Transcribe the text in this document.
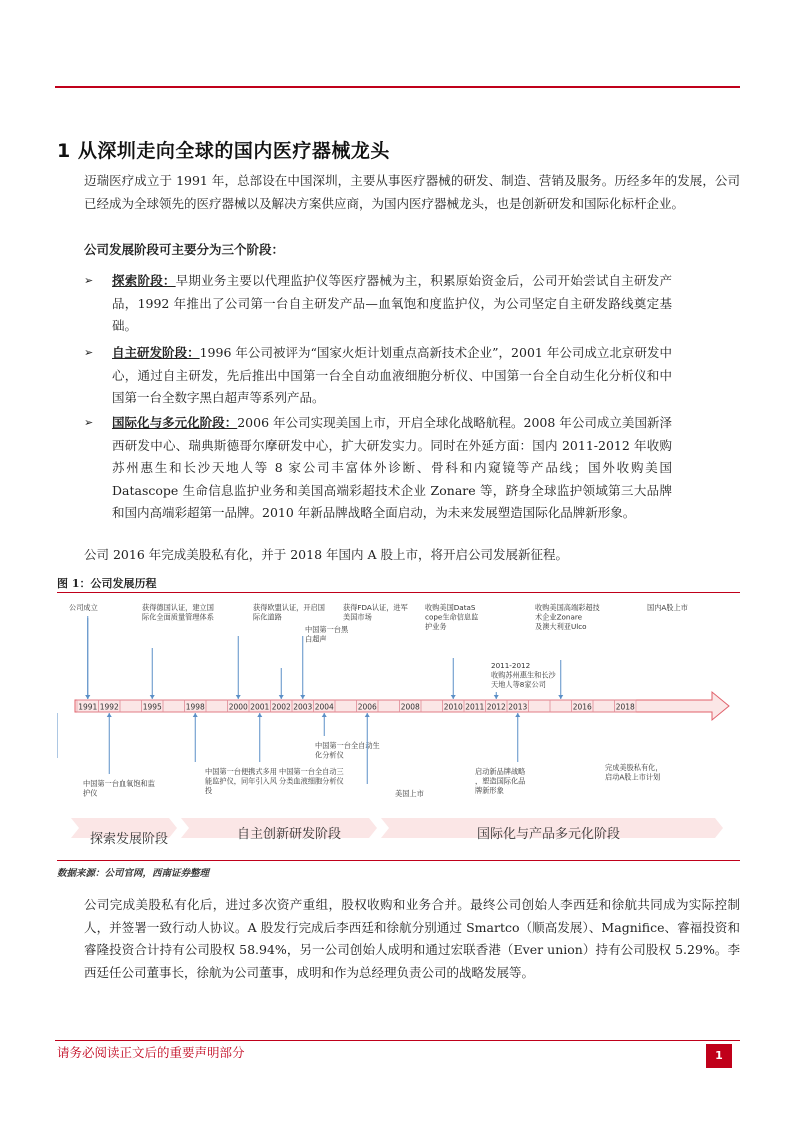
1 从深圳走向全球的国内医疗器械龙头
迈瑞医疗成立于 1991 年，总部设在中国深圳，主要从事医疗器械的研发、制造、营销及服务。历经多年的发展，公司已经成为全球领先的医疗器械以及解决方案供应商，为国内医疗器械龙头，也是创新研发和国际化标杆企业。
公司发展阶段可主要分为三个阶段：
➢	探索阶段：早期业务主要以代理监护仪等医疗器械为主，积累原始资金后，公司开始尝试自主研发产品，1992 年推出了公司第一台自主研发产品—血氧饱和度监护仪，为公司坚定自主研发路线奠定基础。
➢	自主研发阶段：1996 年公司被评为“国家火炬计划重点高新技术企业”，2001 年公司成立北京研发中心，通过自主研发，先后推出中国第一台全自动血液细胞分析仪、中国第一台全自动生化分析仪和中国第一台全数字黑白超声等系列产品。
➢	国际化与多元化阶段：2006 年公司实现美国上市，开启全球化战略航程。2008 年公司成立美国新泽西研发中心、瑞典斯德哥尔摩研发中心，扩大研发实力。同时在外延方面：国内 2011-2012 年收购苏州惠生和长沙天地人等 8 家公司丰富体外诊断、骨科和内窥镜等产品线；国外收购美国 Datascope 生命信息监护业务和美国高端彩超技术企业 Zonare 等，跻身全球监护领域第三大品牌和国内高端彩超第一品牌。2010 年新品牌战略全面启动，为未来发展塑造国际化品牌新形象。
公司 2016 年完成美股私有化，并于 2018 年国内 A 股上市，将开启公司发展新征程。
图 1：公司发展历程
1991 1992	1995	1998	2000 2001 2002 2003 2004	2006	2008	2010 2011 2012 2013	2016	2018
公司成立	获得德国认证，建立国际化全面质量管理体系
获得欧盟认证，开启国际化道路
中国第一台黑白超声
获得FDA认证，进军美国市场
收购美国DataS cope生命信息监护业务
2011-2012 收购苏州惠生和长沙天地人等8家公司
收购美国高端彩超技术企业Zonare 及澳大利亚Ulco
国内A股上市
中国第一台血氧饱和监护仪
中国第一台便携式多用能监护仪，同年引入风投
中国第一台全自动三分类血液细胞分析仪
中国第一台全自动生化分析仪
美国上市
启动新品牌战略，塑造国际化品牌新形象
完成美股私有化，启动A股上市计划
探索发展阶段	自主创新研发阶段	国际化与产品多元化阶段
数据来源：公司官网，西南证券整理
公司完成美股私有化后，进过多次资产重组，股权收购和业务合并。最终公司创始人李西廷和徐航共同成为实际控制人，并签署一致行动人协议。A 股发行完成后李西廷和徐航分别通过 Smartco（顺高发展）、Magnifice、睿福投资和睿隆投资合计持有公司股权 58.94%，另一公司创始人成明和通过宏联香港（Ever union）持有公司股权 5.29%。李西廷任公司董事长，徐航为公司董事，成明和作为总经理负责公司的战略发展等。
请务必阅读正文后的重要声明部分	1
